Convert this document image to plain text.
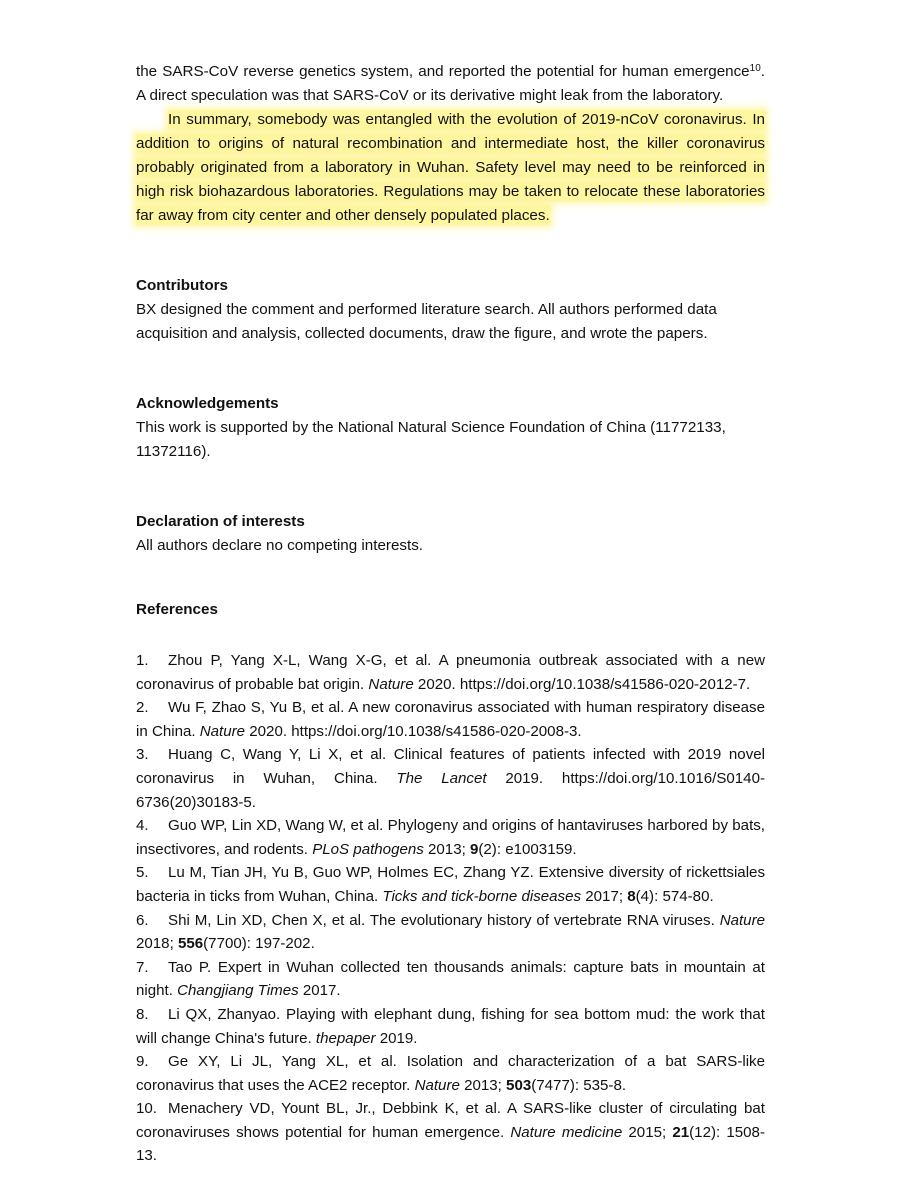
the SARS-CoV reverse genetics system, and reported the potential for human emergence$^{10}$. A direct speculation was that SARS-CoV or its derivative might leak from the laboratory.

In summary, somebody was entangled with the evolution of 2019-nCoV coronavirus. In addition to origins of natural recombination and intermediate host, the killer coronavirus probably originated from a laboratory in Wuhan. Safety level may need to be reinforced in high risk biohazardous laboratories. Regulations may be taken to relocate these laboratories far away from city center and other densely populated places.

Contributors

BX designed the comment and performed literature search. All authors performed data acquisition and analysis, collected documents, draw the figure, and wrote the papers.

Acknowledgements

This work is supported by the National Natural Science Foundation of China (11772133, 11372116).

Declaration of interests

All authors declare no competing interests.

References
1. Zhou P, Yang X-L, Wang X-G, et al. A pneumonia outbreak associated with a new coronavirus of probable bat origin. Nature 2020. https://doi.org/10.1038/s41586-020-2012-7.
2. Wu F, Zhao S, Yu B, et al. A new coronavirus associated with human respiratory disease in China. Nature 2020. https://doi.org/10.1038/s41586-020-2008-3.
3. Huang C, Wang Y, Li X, et al. Clinical features of patients infected with 2019 novel coronavirus in Wuhan, China. The Lancet 2019. https://doi.org/10.1016/S0140-6736(20)30183-5.
4. Guo WP, Lin XD, Wang W, et al. Phylogeny and origins of hantaviruses harbored by bats, insectivores, and rodents. PLoS pathogens 2013; 9(2): e1003159.
5. Lu M, Tian JH, Yu B, Guo WP, Holmes EC, Zhang YZ. Extensive diversity of rickettsiales bacteria in ticks from Wuhan, China. Ticks and tick-borne diseases 2017; 8(4): 574-80.
6. Shi M, Lin XD, Chen X, et al. The evolutionary history of vertebrate RNA viruses. Nature 2018; 556(7700): 197-202.
7. Tao P. Expert in Wuhan collected ten thousands animals: capture bats in mountain at night. Changjiang Times 2017.
8. Li QX, Zhanyao. Playing with elephant dung, fishing for sea bottom mud: the work that will change China's future. thepaper 2019.
9. Ge XY, Li JL, Yang XL, et al. Isolation and characterization of a bat SARS-like coronavirus that uses the ACE2 receptor. Nature 2013; 503(7477): 535-8.
10. Menachery VD, Yount BL, Jr., Debbink K, et al. A SARS-like cluster of circulating bat coronaviruses shows potential for human emergence. Nature medicine 2015; 21(12): 1508-13.
